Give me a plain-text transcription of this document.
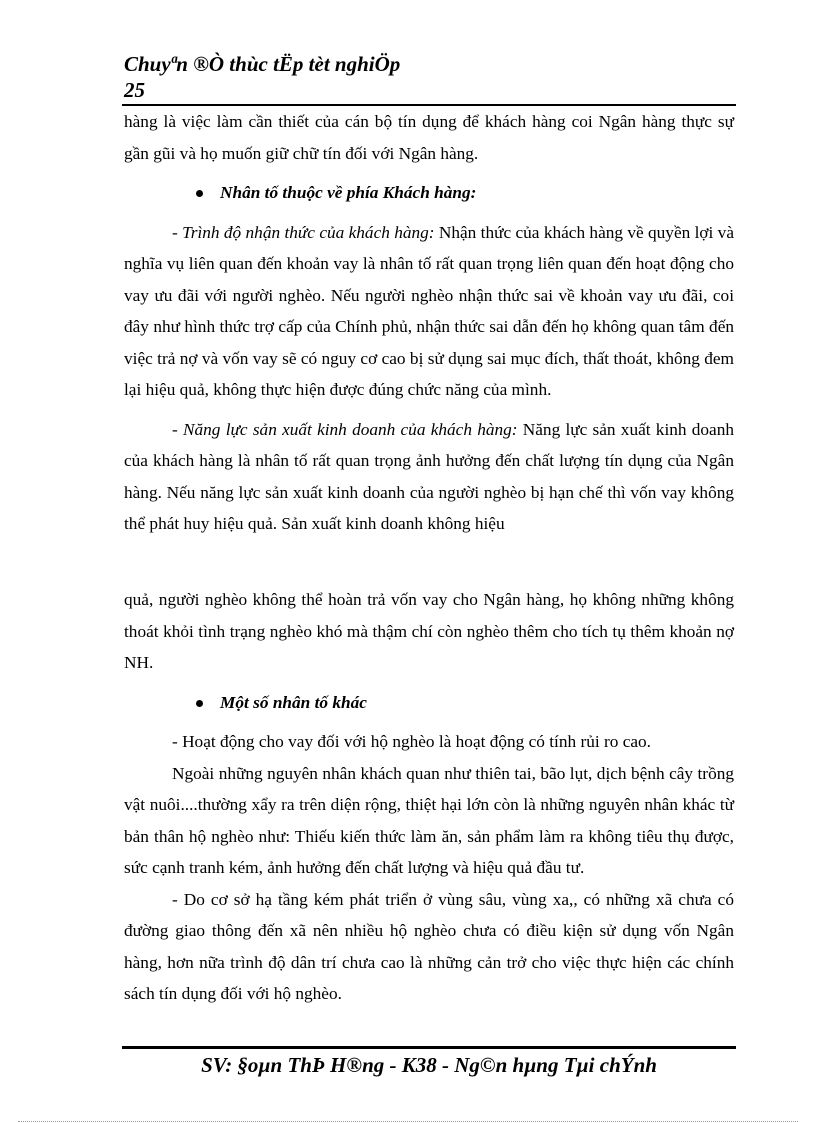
Chuyªn ®Ò thùc tËp tèt nghiÖp
25

hàng là việc làm cần thiết của cán bộ tín dụng để khách hàng coi Ngân hàng thực sự gần gũi và họ muốn giữ chữ tín đối với Ngân hàng.

Nhân tố thuộc về phía Khách hàng:

- Trình độ nhận thức của khách hàng: Nhận thức của khách hàng về quyền lợi và nghĩa vụ liên quan đến khoản vay là nhân tố rất quan trọng liên quan đến hoạt động cho vay ưu đãi với người nghèo. Nếu người nghèo nhận thức sai về khoản vay ưu đãi, coi đây như hình thức trợ cấp của Chính phủ, nhận thức sai dẫn đến họ không quan tâm đến việc trả nợ và vốn vay sẽ có nguy cơ cao bị sử dụng sai mục đích, thất thoát, không đem lại hiệu quả, không thực hiện được đúng chức năng của mình.

- Năng lực sản xuất kinh doanh của khách hàng: Năng lực sản xuất kinh doanh của khách hàng là nhân tố rất quan trọng ảnh hưởng đến chất lượng tín dụng của Ngân hàng. Nếu năng lực sản xuất kinh doanh của người nghèo bị hạn chế thì vốn vay không thể phát huy hiệu quả. Sản xuất kinh doanh không hiệu

quả, người nghèo không thể hoàn trả vốn vay cho Ngân hàng, họ không những không thoát khỏi tình trạng nghèo khó mà thậm chí còn nghèo thêm cho tích tụ thêm khoản nợ NH.

Một số nhân tố khác

- Hoạt động cho vay đối với hộ nghèo là hoạt động có tính rủi ro cao.

Ngoài những nguyên nhân khách quan như thiên tai, bão lụt, dịch bệnh cây trồng vật nuôi....thường xẩy ra trên diện rộng, thiệt hại lớn còn là những nguyên nhân khác từ bản thân hộ nghèo như: Thiếu kiến thức làm ăn, sản phẩm làm ra không tiêu thụ được, sức cạnh tranh kém, ảnh hưởng đến chất lượng và hiệu quả đầu tư.

- Do cơ sở hạ tầng kém phát triển ở vùng sâu, vùng xa,, có những xã chưa có đường giao thông đến xã nên nhiều hộ nghèo chưa có điều kiện sử dụng vốn Ngân hàng, hơn nữa trình độ dân trí chưa cao là những cản trở cho việc thực hiện các chính sách tín dụng đối với hộ nghèo.

SV: §oµn ThÞ H®ng - K38 - Ng©n hµng Tµi chÝnh
